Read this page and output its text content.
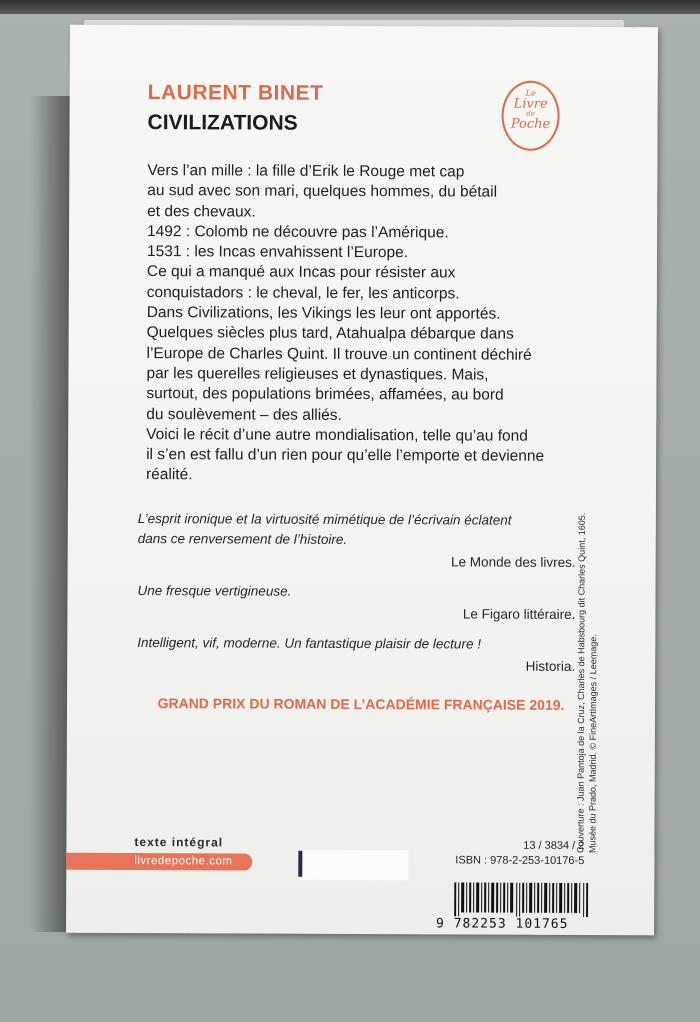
LAURENT BINET
CIVILIZATIONS
Le
Livre
de
Poche

Vers l’an mille : la fille d’Erik le Rouge met cap

au sud avec son mari, quelques hommes, du bétail

et des chevaux.

1492 : Colomb ne découvre pas l’Amérique.

1531 : les Incas envahissent l’Europe.

Ce qui a manqué aux Incas pour résister aux

conquistadors : le cheval, le fer, les anticorps.

Dans Civilizations, les Vikings les leur ont apportés.

Quelques siècles plus tard, Atahualpa débarque dans

l’Europe de Charles Quint. Il trouve un continent déchiré

par les querelles religieuses et dynastiques. Mais,

surtout, des populations brimées, affamées, au bord

du soulèvement – des alliés.

Voici le récit d’une autre mondialisation, telle qu’au fond

il s’en est fallu d’un rien pour qu’elle l’emporte et devienne

réalité.

L’esprit ironique et la virtuosité mimétique de l’écrivain éclatent

dans ce renversement de l’histoire.

Le Monde des livres.

Une fresque vertigineuse.

Le Figaro littéraire.

Intelligent, vif, moderne. Un fantastique plaisir de lecture !

Historia.

GRAND PRIX DU ROMAN DE L’ACADÉMIE FRANÇAISE 2019.	Couverture : Juan Pantoja de la Cruz, Charles de Habsbourg dit Charles Quint, 1605. Musée du Prado, Madrid. © FineArtImages / Leemage.

texte intégral
livredepoche.com
13 / 3834 / 2
ISBN : 978-2-253-10176-5
9 782253 101765
